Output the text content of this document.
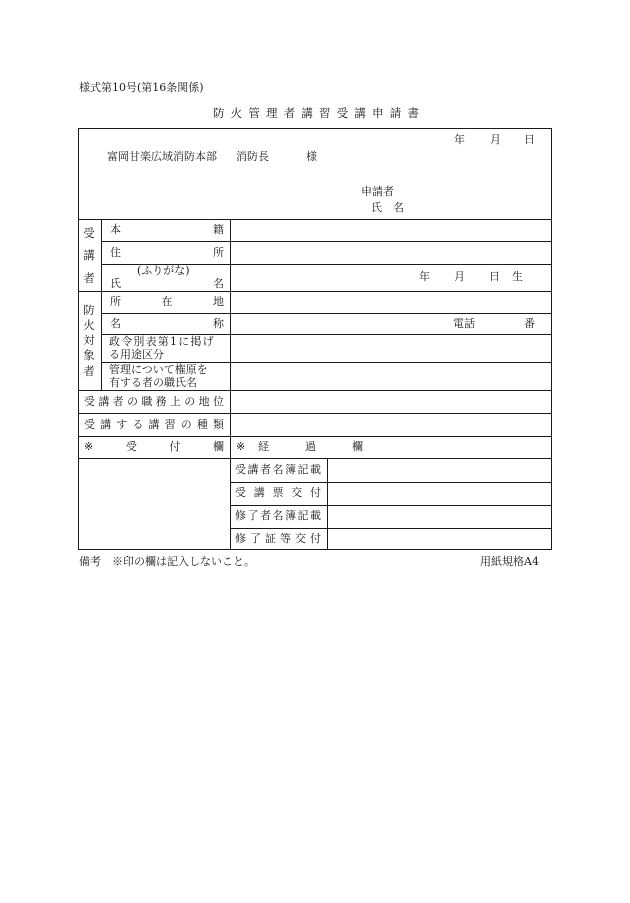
様式第10号(第16条関係)
防 火 管 理 者 講 習 受 講 申 請 書
年 月 日
富岡甘楽広域消防本部 消防長	様
申請者
氏　名
受
講
者
本	籍
住	所
(ふりがな)
氏	名
年 月 日 生
防
火
対
象
者
所	在	地
名	称	電話	番
政令別表第1に掲げ
る用途区分
管理について権原を
有する者の職氏名
受 講 者 の 職 務 上 の 地 位
受 講 す る 講 習 の 種 類
※	受	付	欄 ※ 経	過	欄
受 講 者 名 簿 記 載
受 講 票 交 付
修 了 者 名 簿 記 載
修 了 証 等 交 付
備考　※印の欄は記入しないこと。	用紙規格A4
